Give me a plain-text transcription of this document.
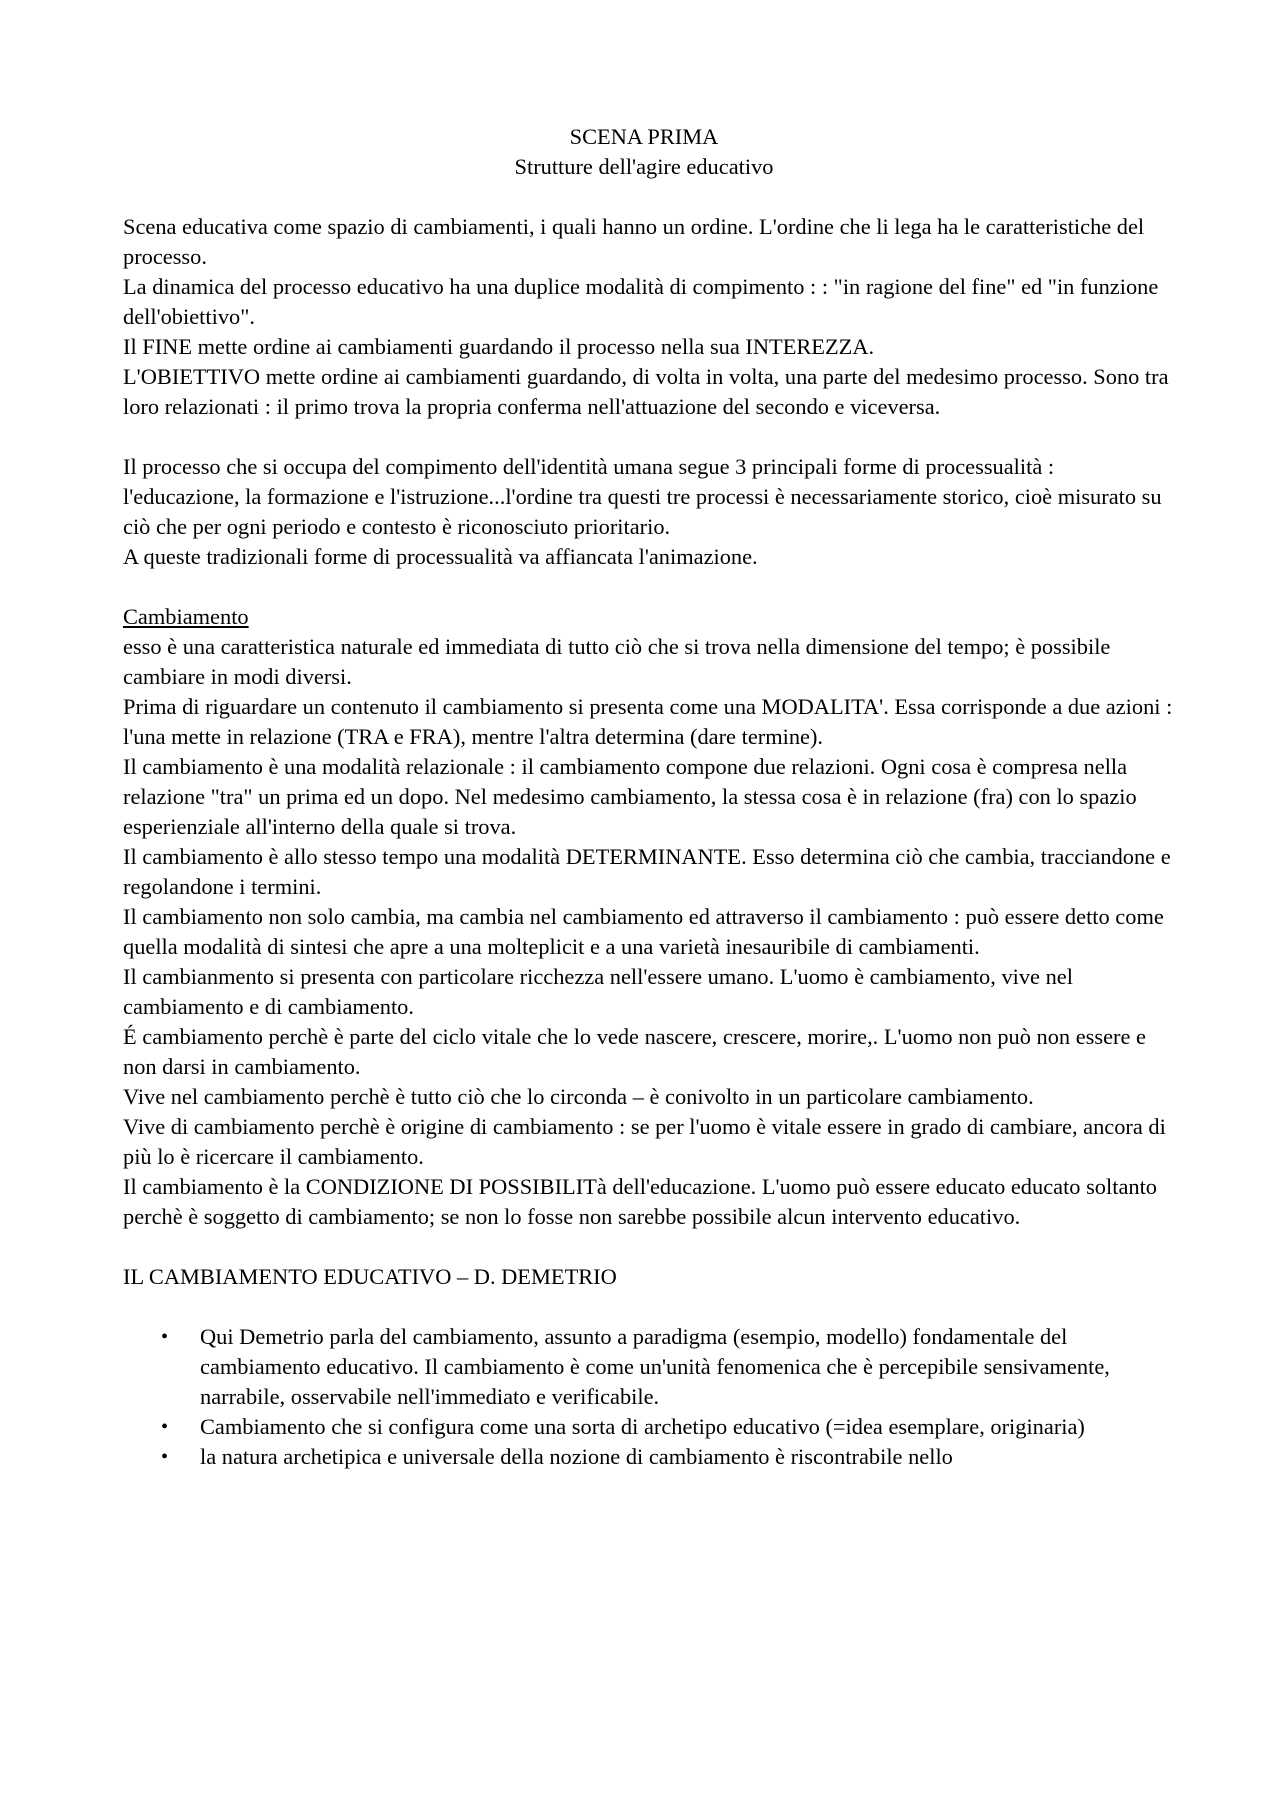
SCENA PRIMA
Strutture dell'agire educativo

Scena educativa come spazio di cambiamenti, i quali hanno un ordine. L'ordine che li lega ha le caratteristiche del processo.

La dinamica del processo educativo ha una duplice modalità di compimento : : "in ragione del fine" ed "in funzione dell'obiettivo".

Il FINE mette ordine ai cambiamenti guardando il processo nella sua INTEREZZA.

L'OBIETTIVO mette ordine ai cambiamenti guardando, di volta in volta, una parte del medesimo processo. Sono tra loro relazionati : il primo trova la propria conferma nell'attuazione del secondo e viceversa.

Il processo che si occupa del compimento dell'identità umana segue 3 principali forme di processualità : l'educazione, la formazione e l'istruzione...l'ordine tra questi tre processi è necessariamente storico, cioè misurato su ciò che per ogni periodo e contesto è riconosciuto prioritario.

A queste tradizionali forme di processualità va affiancata l'animazione.

Cambiamento

esso è una caratteristica naturale ed immediata di tutto ciò che si trova nella dimensione del tempo; è possibile cambiare in modi diversi.

Prima di riguardare un contenuto il cambiamento si presenta come una MODALITA'. Essa corrisponde a due azioni : l'una mette in relazione (TRA e FRA), mentre l'altra determina (dare termine).

Il cambiamento è una modalità relazionale : il cambiamento compone due relazioni. Ogni cosa è compresa nella relazione "tra" un prima ed un dopo. Nel medesimo cambiamento, la stessa cosa è in relazione (fra) con lo spazio esperienziale all'interno della quale si trova.

Il cambiamento è allo stesso tempo una modalità DETERMINANTE. Esso determina ciò che cambia, tracciandone e regolandone i termini.

Il cambiamento non solo cambia, ma cambia nel cambiamento ed attraverso il cambiamento : può essere detto come quella modalità di sintesi che apre a una molteplicit e a una varietà inesauribile di cambiamenti.

Il cambianmento si presenta con particolare ricchezza nell'essere umano. L'uomo è cambiamento, vive nel cambiamento e di cambiamento.

É cambiamento perchè è parte del ciclo vitale che lo vede nascere, crescere, morire,. L'uomo non può non essere e non darsi in cambiamento.

Vive nel cambiamento perchè è tutto ciò che lo circonda – è conivolto in un particolare cambiamento.

Vive di cambiamento perchè è origine di cambiamento : se per l'uomo è vitale essere in grado di cambiare, ancora di più lo è ricercare il cambiamento.

Il cambiamento è la CONDIZIONE DI POSSIBILITà dell'educazione. L'uomo può essere educato educato soltanto perchè è soggetto di cambiamento; se non lo fosse non sarebbe possibile alcun intervento educativo.

IL CAMBIAMENTO EDUCATIVO – D. DEMETRIO

• Qui Demetrio parla del cambiamento, assunto a paradigma (esempio, modello) fondamentale del cambiamento educativo. Il cambiamento è come un'unità fenomenica che è percepibile sensivamente, narrabile, osservabile nell'immediato e verificabile.
• Cambiamento che si configura come una sorta di archetipo educativo (=idea esemplare, originaria)
• la natura archetipica e universale della nozione di cambiamento è riscontrabile nello
